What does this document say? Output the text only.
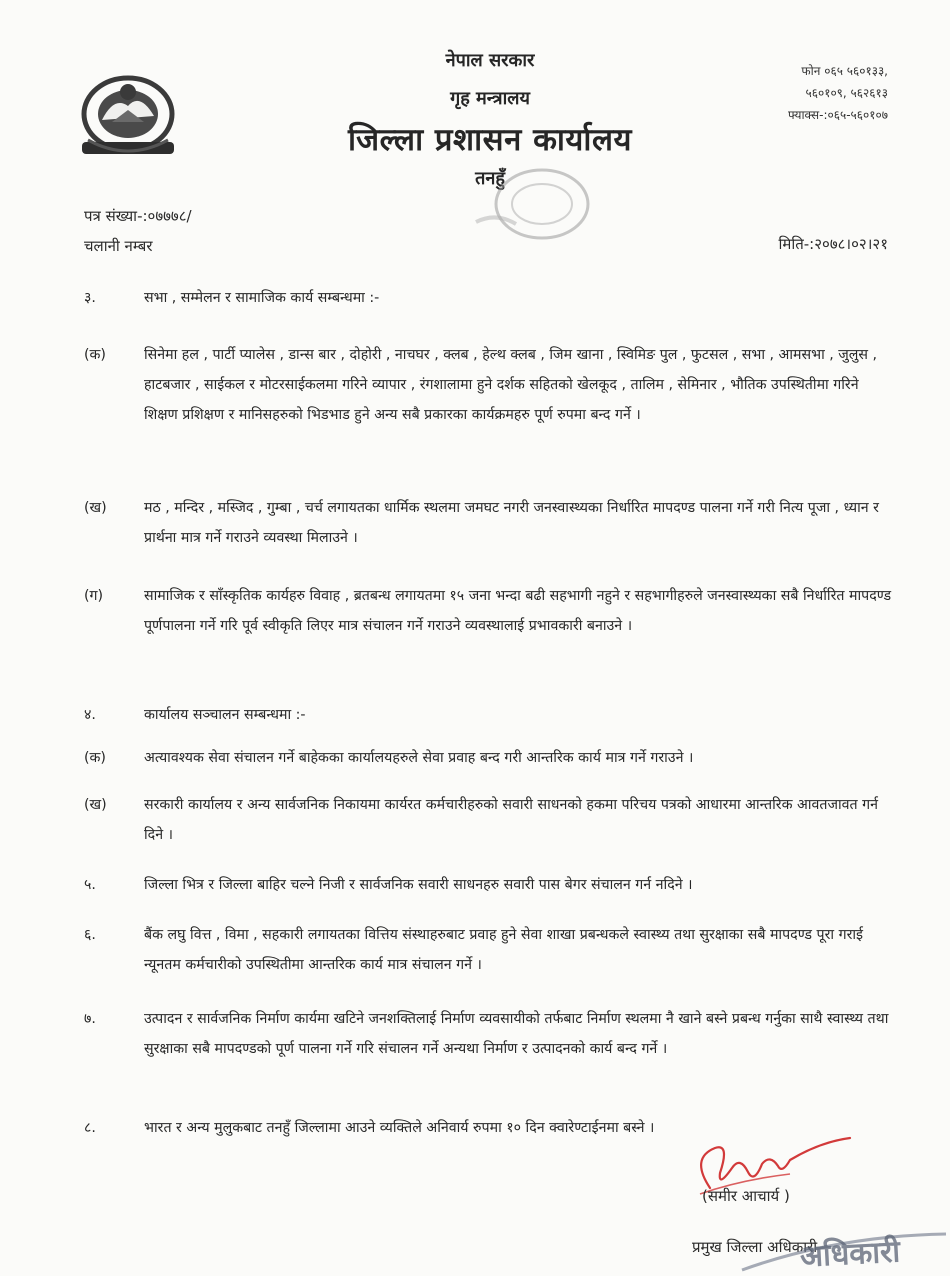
नेपाल सरकार
गृह मन्त्रालय
जिल्ला प्रशासन कार्यालय
तनहुँ
फोन ०६५ ५६०१३३,
५६०१०९, ५६२६१३
फ्याक्स-:०६५-५६०१०७
पत्र संख्या-:०७७७८/
चलानी नम्बर	मिति-:२०७८।०२।२१
३.	सभा , सम्मेलन र सामाजिक कार्य सम्बन्धमा :-
(क)	सिनेमा हल , पार्टी प्यालेस , डान्स बार , दोहोरी , नाचघर , क्लब , हेल्थ क्लब , जिम खाना , स्विमिङ पुल , फुटसल , सभा , आमसभा , जुलुस , हाटबजार , साईकल र मोटरसाईकलमा गरिने व्यापार , रंगशालामा हुने दर्शक सहितको खेलकूद , तालिम , सेमिनार , भौतिक उपस्थितीमा गरिने शिक्षण प्रशिक्षण र मानिसहरुको भिडभाड हुने अन्य सबै प्रकारका कार्यक्रमहरु पूर्ण रुपमा बन्द गर्ने ।
(ख)	मठ , मन्दिर , मस्जिद , गुम्बा , चर्च लगायतका धार्मिक स्थलमा जमघट नगरी जनस्वास्थ्यका निर्धारित मापदण्ड पालना गर्ने गरी नित्य पूजा , ध्यान र प्रार्थना मात्र गर्ने गराउने व्यवस्था मिलाउने ।
(ग)	सामाजिक र साँस्कृतिक कार्यहरु विवाह , ब्रतबन्ध लगायतमा १५ जना भन्दा बढी सहभागी नहुने र सहभागीहरुले जनस्वास्थ्यका सबै निर्धारित मापदण्ड पूर्णपालना गर्ने गरि पूर्व स्वीकृति लिएर मात्र संचालन गर्ने गराउने व्यवस्थालाई प्रभावकारी बनाउने ।
४.	कार्यालय सञ्चालन सम्बन्धमा :-
(क)	अत्यावश्यक सेवा संचालन गर्ने बाहेकका कार्यालयहरुले सेवा प्रवाह बन्द गरी आन्तरिक कार्य मात्र गर्ने गराउने ।
(ख)	सरकारी कार्यालय र अन्य सार्वजनिक निकायमा कार्यरत कर्मचारीहरुको सवारी साधनको हकमा परिचय पत्रको आधारमा आन्तरिक आवतजावत गर्न दिने ।
५.	जिल्ला भित्र र जिल्ला बाहिर चल्ने निजी र सार्वजनिक सवारी साधनहरु सवारी पास बेगर संचालन गर्न नदिने ।
६.	बैंक लघु वित्त , विमा , सहकारी लगायतका वित्तिय संस्थाहरुबाट प्रवाह हुने सेवा शाखा प्रबन्धकले स्वास्थ्य तथा सुरक्षाका सबै मापदण्ड पूरा गराई न्यूनतम कर्मचारीको उपस्थितीमा आन्तरिक कार्य मात्र संचालन गर्ने ।
७.	उत्पादन र सार्वजनिक निर्माण कार्यमा खटिने जनशक्तिलाई निर्माण व्यवसायीको तर्फबाट निर्माण स्थलमा नै खाने बस्ने प्रबन्ध गर्नुका साथै स्वास्थ्य तथा सुरक्षाका सबै मापदण्डको पूर्ण पालना गर्ने गरि संचालन गर्ने अन्यथा निर्माण र उत्पादनको कार्य बन्द गर्ने ।
८.	भारत र अन्य मुलुकबाट तनहुँ जिल्लामा आउने व्यक्तिले अनिवार्य रुपमा १० दिन क्वारेण्टाईनमा बस्ने ।
(समीर आचार्य )
प्रमुख जिल्ला अधिकारी
अधिकारी
